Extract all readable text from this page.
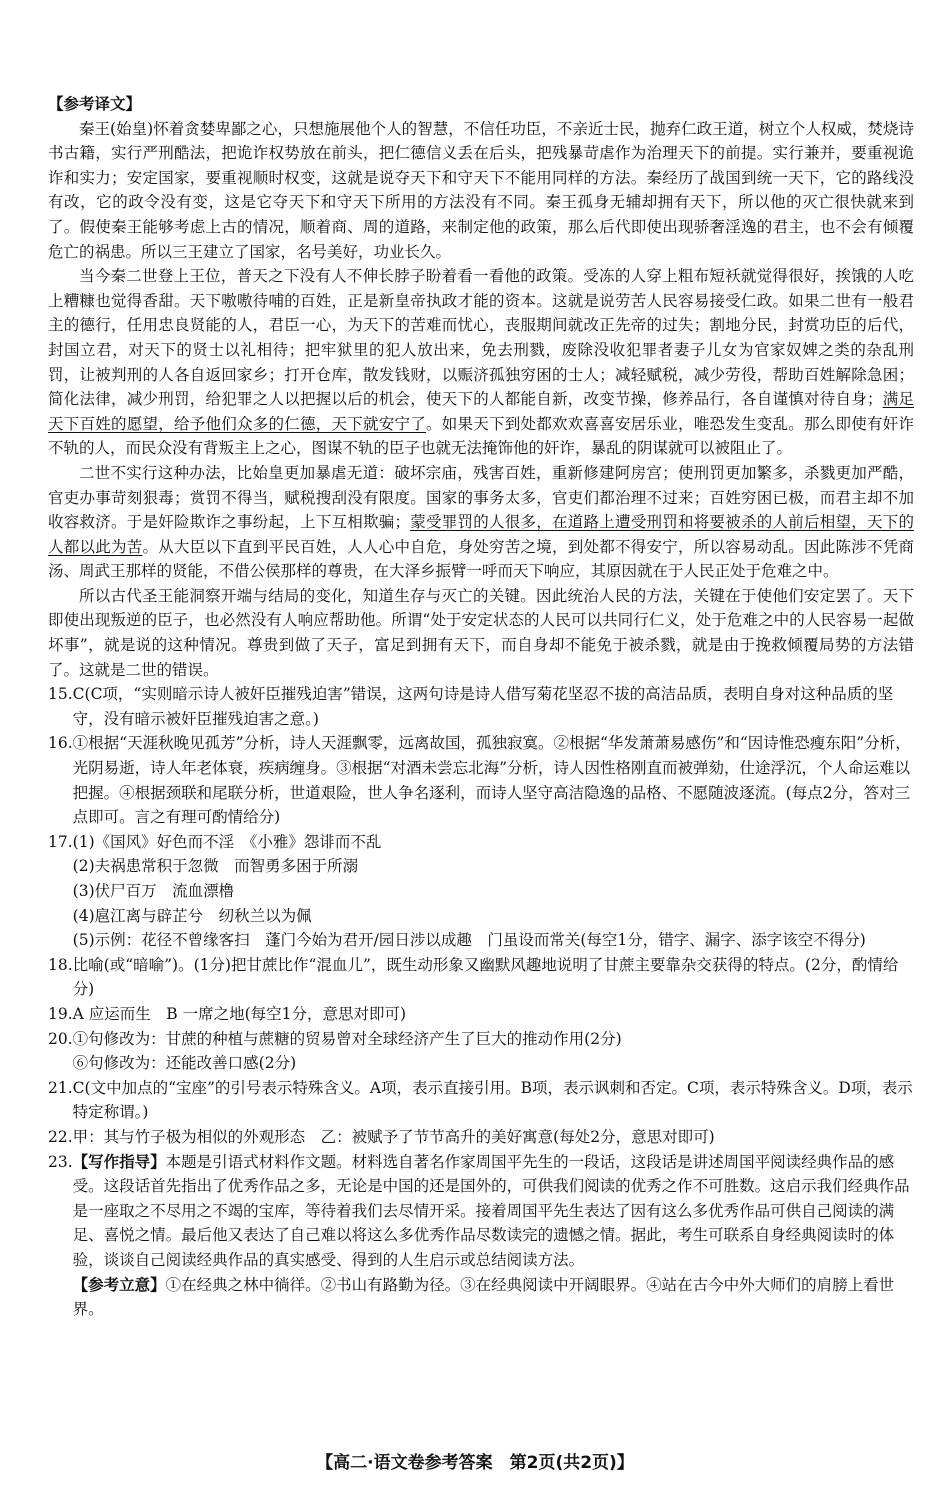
【参考译文】

秦王(始皇)怀着贪婪卑鄙之心，只想施展他个人的智慧，不信任功臣，不亲近士民，抛弃仁政王道，树立个人权威，焚烧诗书古籍，实行严刑酷法，把诡诈权势放在前头，把仁德信义丢在后头，把残暴苛虐作为治理天下的前提。实行兼并，要重视诡诈和实力；安定国家，要重视顺时权变，这就是说夺天下和守天下不能用同样的方法。秦经历了战国到统一天下，它的路线没有改，它的政令没有变，这是它夺天下和守天下所用的方法没有不同。秦王孤身无辅却拥有天下，所以他的灭亡很快就来到了。假使秦王能够考虑上古的情况，顺着商、周的道路，来制定他的政策，那么后代即使出现骄奢淫逸的君主，也不会有倾覆危亡的祸患。所以三王建立了国家，名号美好，功业长久。

当今秦二世登上王位，普天之下没有人不伸长脖子盼着看一看他的政策。受冻的人穿上粗布短袄就觉得很好，挨饿的人吃上糟糠也觉得香甜。天下嗷嗷待哺的百姓，正是新皇帝执政才能的资本。这就是说劳苦人民容易接受仁政。如果二世有一般君主的德行，任用忠良贤能的人，君臣一心，为天下的苦难而忧心，丧服期间就改正先帝的过失；割地分民，封赏功臣的后代，封国立君，对天下的贤士以礼相待；把牢狱里的犯人放出来，免去刑戮，废除没收犯罪者妻子儿女为官家奴婢之类的杂乱刑罚，让被判刑的人各自返回家乡；打开仓库，散发钱财，以赈济孤独穷困的士人；减轻赋税，减少劳役，帮助百姓解除急困；简化法律，减少刑罚，给犯罪之人以把握以后的机会，使天下的人都能自新，改变节操，修养品行，各自谨慎对待自身；满足天下百姓的愿望，给予他们众多的仁德，天下就安宁了。如果天下到处都欢欢喜喜安居乐业，唯恐发生变乱。那么即使有奸诈不轨的人，而民众没有背叛主上之心，图谋不轨的臣子也就无法掩饰他的奸诈，暴乱的阴谋就可以被阻止了。

二世不实行这种办法，比始皇更加暴虐无道：破坏宗庙，残害百姓，重新修建阿房宫；使刑罚更加繁多，杀戮更加严酷，官吏办事苛刻狠毒；赏罚不得当，赋税搜刮没有限度。国家的事务太多，官吏们都治理不过来；百姓穷困已极，而君主却不加收容救济。于是奸险欺诈之事纷起，上下互相欺骗；蒙受罪罚的人很多，在道路上遭受刑罚和将要被杀的人前后相望，天下的人都以此为苦。从大臣以下直到平民百姓，人人心中自危，身处穷苦之境，到处都不得安宁，所以容易动乱。因此陈涉不凭商汤、周武王那样的贤能，不借公侯那样的尊贵，在大泽乡振臂一呼而天下响应，其原因就在于人民正处于危难之中。

所以古代圣王能洞察开端与结局的变化，知道生存与灭亡的关键。因此统治人民的方法，关键在于使他们安定罢了。天下即使出现叛逆的臣子，也必然没有人响应帮助他。所谓“处于安定状态的人民可以共同行仁义，处于危难之中的人民容易一起做坏事”，就是说的这种情况。尊贵到做了天子，富足到拥有天下，而自身却不能免于被杀戮，就是由于挽救倾覆局势的方法错了。这就是二世的错误。

15. C(C项，“实则暗示诗人被奸臣摧残迫害”错误，这两句诗是诗人借写菊花坚忍不拔的高洁品质，表明自身对这种品质的坚守，没有暗示被奸臣摧残迫害之意。)
16. ①根据“天涯秋晚见孤芳”分析，诗人天涯飘零，远离故国，孤独寂寞。②根据“华发萧萧易感伤”和“因诗惟恐瘦东阳”分析，光阴易逝，诗人年老体衰，疾病缠身。③根据“对酒未尝忘北海”分析，诗人因性格刚直而被弹劾，仕途浮沉，个人命运难以把握。④根据颈联和尾联分析，世道艰险，世人争名逐利，而诗人坚守高洁隐逸的品格、不愿随波逐流。(每点2分，答对三点即可。言之有理可酌情给分)
17. (1)《国风》好色而不淫　《小雅》怨诽而不乱
(2)夫祸患常积于忽微　而智勇多困于所溺
(3)伏尸百万　流血漂橹
(4)扈江离与辟芷兮　纫秋兰以为佩
(5)示例：花径不曾缘客扫　蓬门今始为君开/园日涉以成趣　门虽设而常关(每空1分，错字、漏字、添字该空不得分)
18. 比喻(或“暗喻”)。(1分)把甘蔗比作“混血儿”，既生动形象又幽默风趣地说明了甘蔗主要靠杂交获得的特点。(2分，酌情给分)
19. A 应运而生　B 一席之地(每空1分，意思对即可)
20. ①句修改为：甘蔗的种植与蔗糖的贸易曾对全球经济产生了巨大的推动作用(2分)
⑥句修改为：还能改善口感(2分)
21. C(文中加点的“宝座”的引号表示特殊含义。A项，表示直接引用。B项，表示讽刺和否定。C项，表示特殊含义。D项，表示特定称谓。)
22. 甲：其与竹子极为相似的外观形态　乙：被赋予了节节高升的美好寓意(每处2分，意思对即可)
23. 【写作指导】本题是引语式材料作文题。材料选自著名作家周国平先生的一段话，这段话是讲述周国平阅读经典作品的感受。这段话首先指出了优秀作品之多，无论是中国的还是国外的，可供我们阅读的优秀之作不可胜数。这启示我们经典作品是一座取之不尽用之不竭的宝库，等待着我们去尽情开采。接着周国平先生表达了因有这么多优秀作品可供自己阅读的满足、喜悦之情。最后他又表达了自己难以将这么多优秀作品尽数读完的遗憾之情。据此，考生可联系自身经典阅读时的体验，谈谈自己阅读经典作品的真实感受、得到的人生启示或总结阅读方法。
【参考立意】①在经典之林中徜徉。②书山有路勤为径。③在经典阅读中开阔眼界。④站在古今中外大师们的肩膀上看世界。
【高二·语文卷参考答案　第2页(共2页)】
